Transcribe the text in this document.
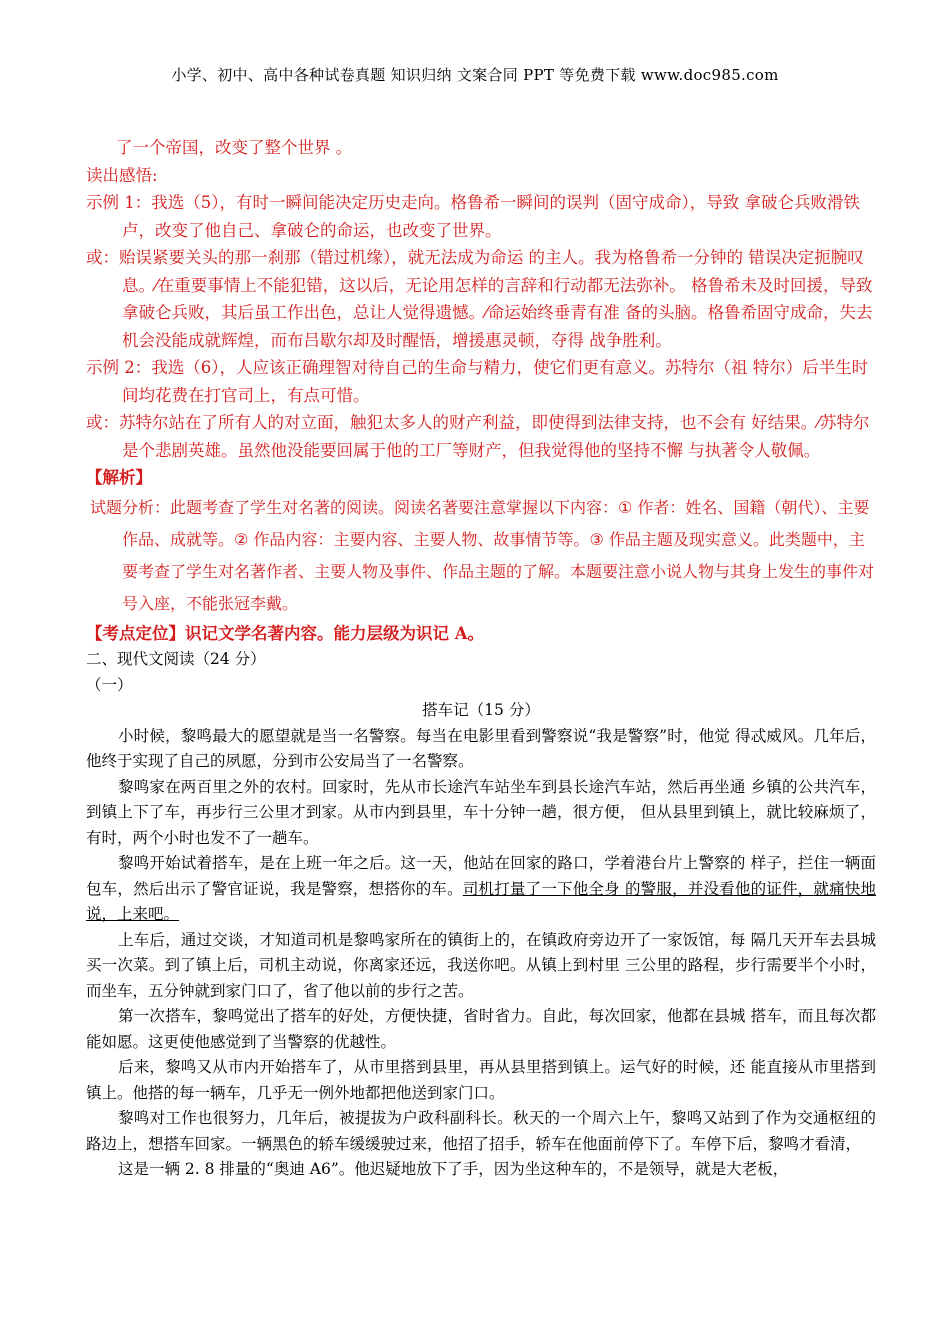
小学、初中、高中各种试卷真题 知识归纳 文案合同 PPT 等免费下载 www.doc985.com

了一个帝国，改变了整个世界 。

读出感悟:

示例 1：我选（5），有时一瞬间能决定历史走向。格鲁希一瞬间的误判（固守成命），导致 拿破仑兵败滑铁卢，改变了他自己、拿破仑的命运，也改变了世界。

或：贻误紧要关头的那一刹那（错过机缘），就无法成为命运 的主人。我为格鲁希一分钟的 错误决定扼腕叹息。⁄在重要事情上不能犯错，这以后，无论用怎样的言辞和行动都无法弥补。 格鲁希未及时回援，导致拿破仑兵败，其后虽工作出色，总让人觉得遗憾。⁄命运始终垂青有准 备的头脑。格鲁希固守成命，失去机会没能成就辉煌，而布吕歇尔却及时醒悟，增援惠灵顿，夺得 战争胜利。

示例 2：我选（6），人应该正确理智对待自己的生命与精力，使它们更有意义。苏特尔（祖 特尔）后半生时间均花费在打官司上，有点可惜。

或：苏特尔站在了所有人的对立面，触犯太多人的财产利益，即使得到法律支持，也不会有 好结果。⁄苏特尔是个悲剧英雄。虽然他没能要回属于他的工厂等财产，但我觉得他的坚持不懈 与执著令人敬佩。

【解析】

试题分析：此题考查了学生对名著的阅读。阅读名著要注意掌握以下内容：① 作者：姓名、国籍（朝代）、主要作品、成就等。② 作品内容：主要内容、主要人物、故事情节等。③ 作品主题及现实意义。此类题中，主要考查了学生对名著作者、主要人物及事件、作品主题的了解。本题要注意小说人物与其身上发生的事件对号入座，不能张冠李戴。

【考点定位】识记文学名著内容。能力层级为识记 A。

二、现代文阅读（24 分）

（一）

搭车记（15 分）

小时候，黎鸣最大的愿望就是当一名警察。每当在电影里看到警察说“我是警察”时，他觉 得忒威风。几年后，他终于实现了自己的夙愿，分到市公安局当了一名警察。

黎鸣家在两百里之外的农村。回家时，先从市长途汽车站坐车到县长途汽车站，然后再坐通 乡镇的公共汽车，到镇上下了车，再步行三公里才到家。从市内到县里，车十分钟一趟，很方便， 但从县里到镇上，就比较麻烦了，有时，两个小时也发不了一趟车。

黎鸣开始试着搭车，是在上班一年之后。这一天，他站在回家的路口，学着港台片上警察的 样子，拦住一辆面包车，然后出示了警官证说，我是警察，想搭你的车。司机打量了一下他全身 的警服，并没看他的证件，就痛快地说，上来吧。

上车后，通过交谈，才知道司机是黎鸣家所在的镇街上的，在镇政府旁边开了一家饭馆，每 隔几天开车去县城买一次菜。到了镇上后，司机主动说，你离家还远，我送你吧。从镇上到村里 三公里的路程，步行需要半个小时，而坐车，五分钟就到家门口了，省了他以前的步行之苦。

第一次搭车，黎鸣觉出了搭车的好处，方便快捷，省时省力。自此，每次回家，他都在县城 搭车，而且每次都能如愿。这更使他感觉到了当警察的优越性。

后来，黎鸣又从市内开始搭车了，从市里搭到县里，再从县里搭到镇上。运气好的时候，还 能直接从市里搭到镇上。他搭的每一辆车，几乎无一例外地都把他送到家门口。

黎鸣对工作也很努力，几年后，被提拔为户政科副科长。秋天的一个周六上午，黎鸣又站到了作为交通枢纽的路边上，想搭车回家。一辆黑色的轿车缓缓驶过来，他招了招手，轿车在他面前停下了。车停下后，黎鸣才看清，

这是一辆 2. 8 排量的“奥迪 A6”。他迟疑地放下了手，因为坐这种车的，不是领导，就是大老板，
